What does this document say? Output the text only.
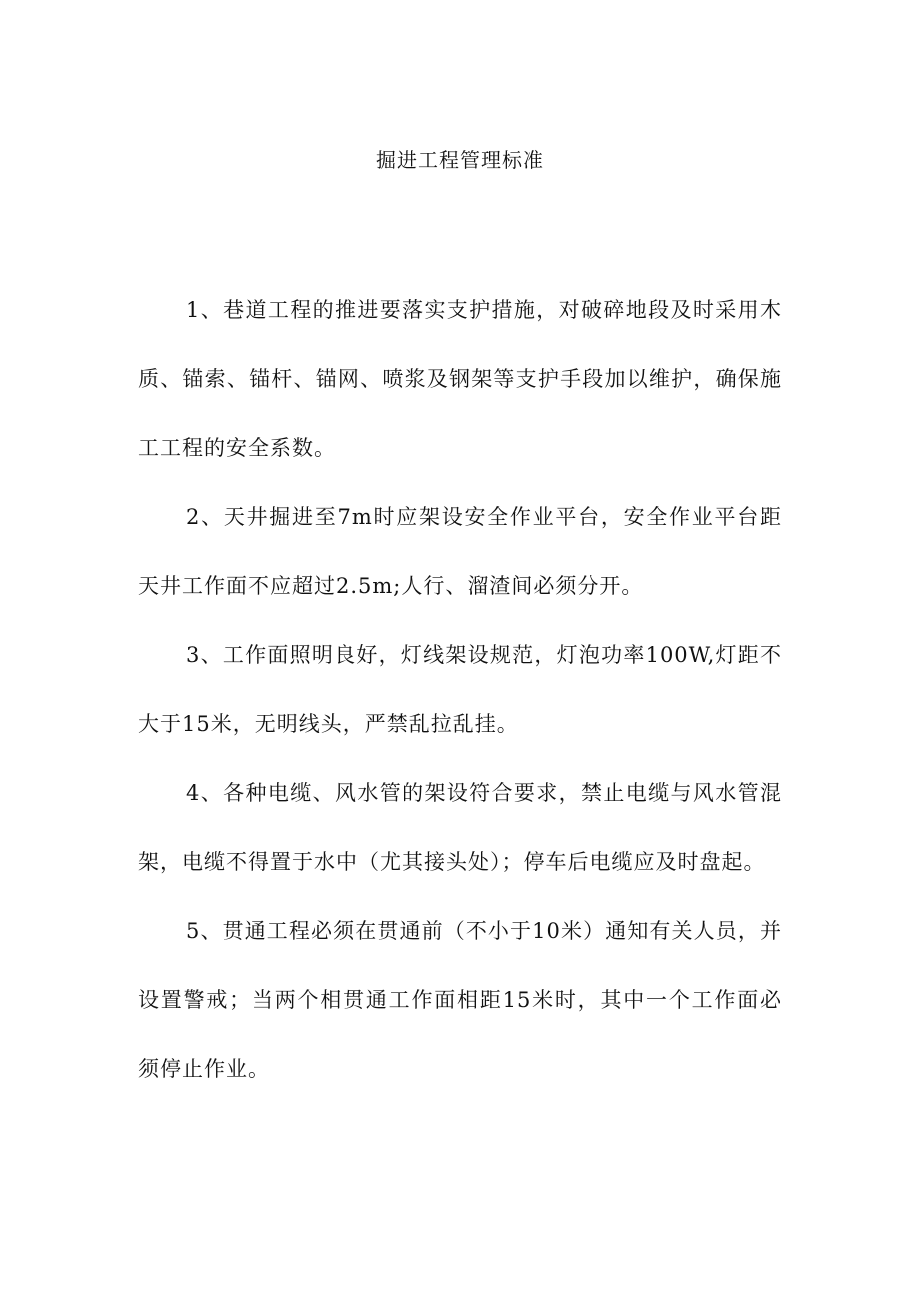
掘进工程管理标准

1、巷道工程的推进要落实支护措施，对破碎地段及时采用木质、锚索、锚杆、锚网、喷浆及钢架等支护手段加以维护，确保施工工程的安全系数。

2、天井掘进至7m时应架设安全作业平台，安全作业平台距天井工作面不应超过2.5m;人行、溜渣间必须分开。

3、工作面照明良好，灯线架设规范，灯泡功率100W,灯距不大于15米，无明线头，严禁乱拉乱挂。

4、各种电缆、风水管的架设符合要求，禁止电缆与风水管混架，电缆不得置于水中（尤其接头处）；停车后电缆应及时盘起。

5、贯通工程必须在贯通前（不小于10米）通知有关人员，并设置警戒；当两个相贯通工作面相距15米时，其中一个工作面必须停止作业。
